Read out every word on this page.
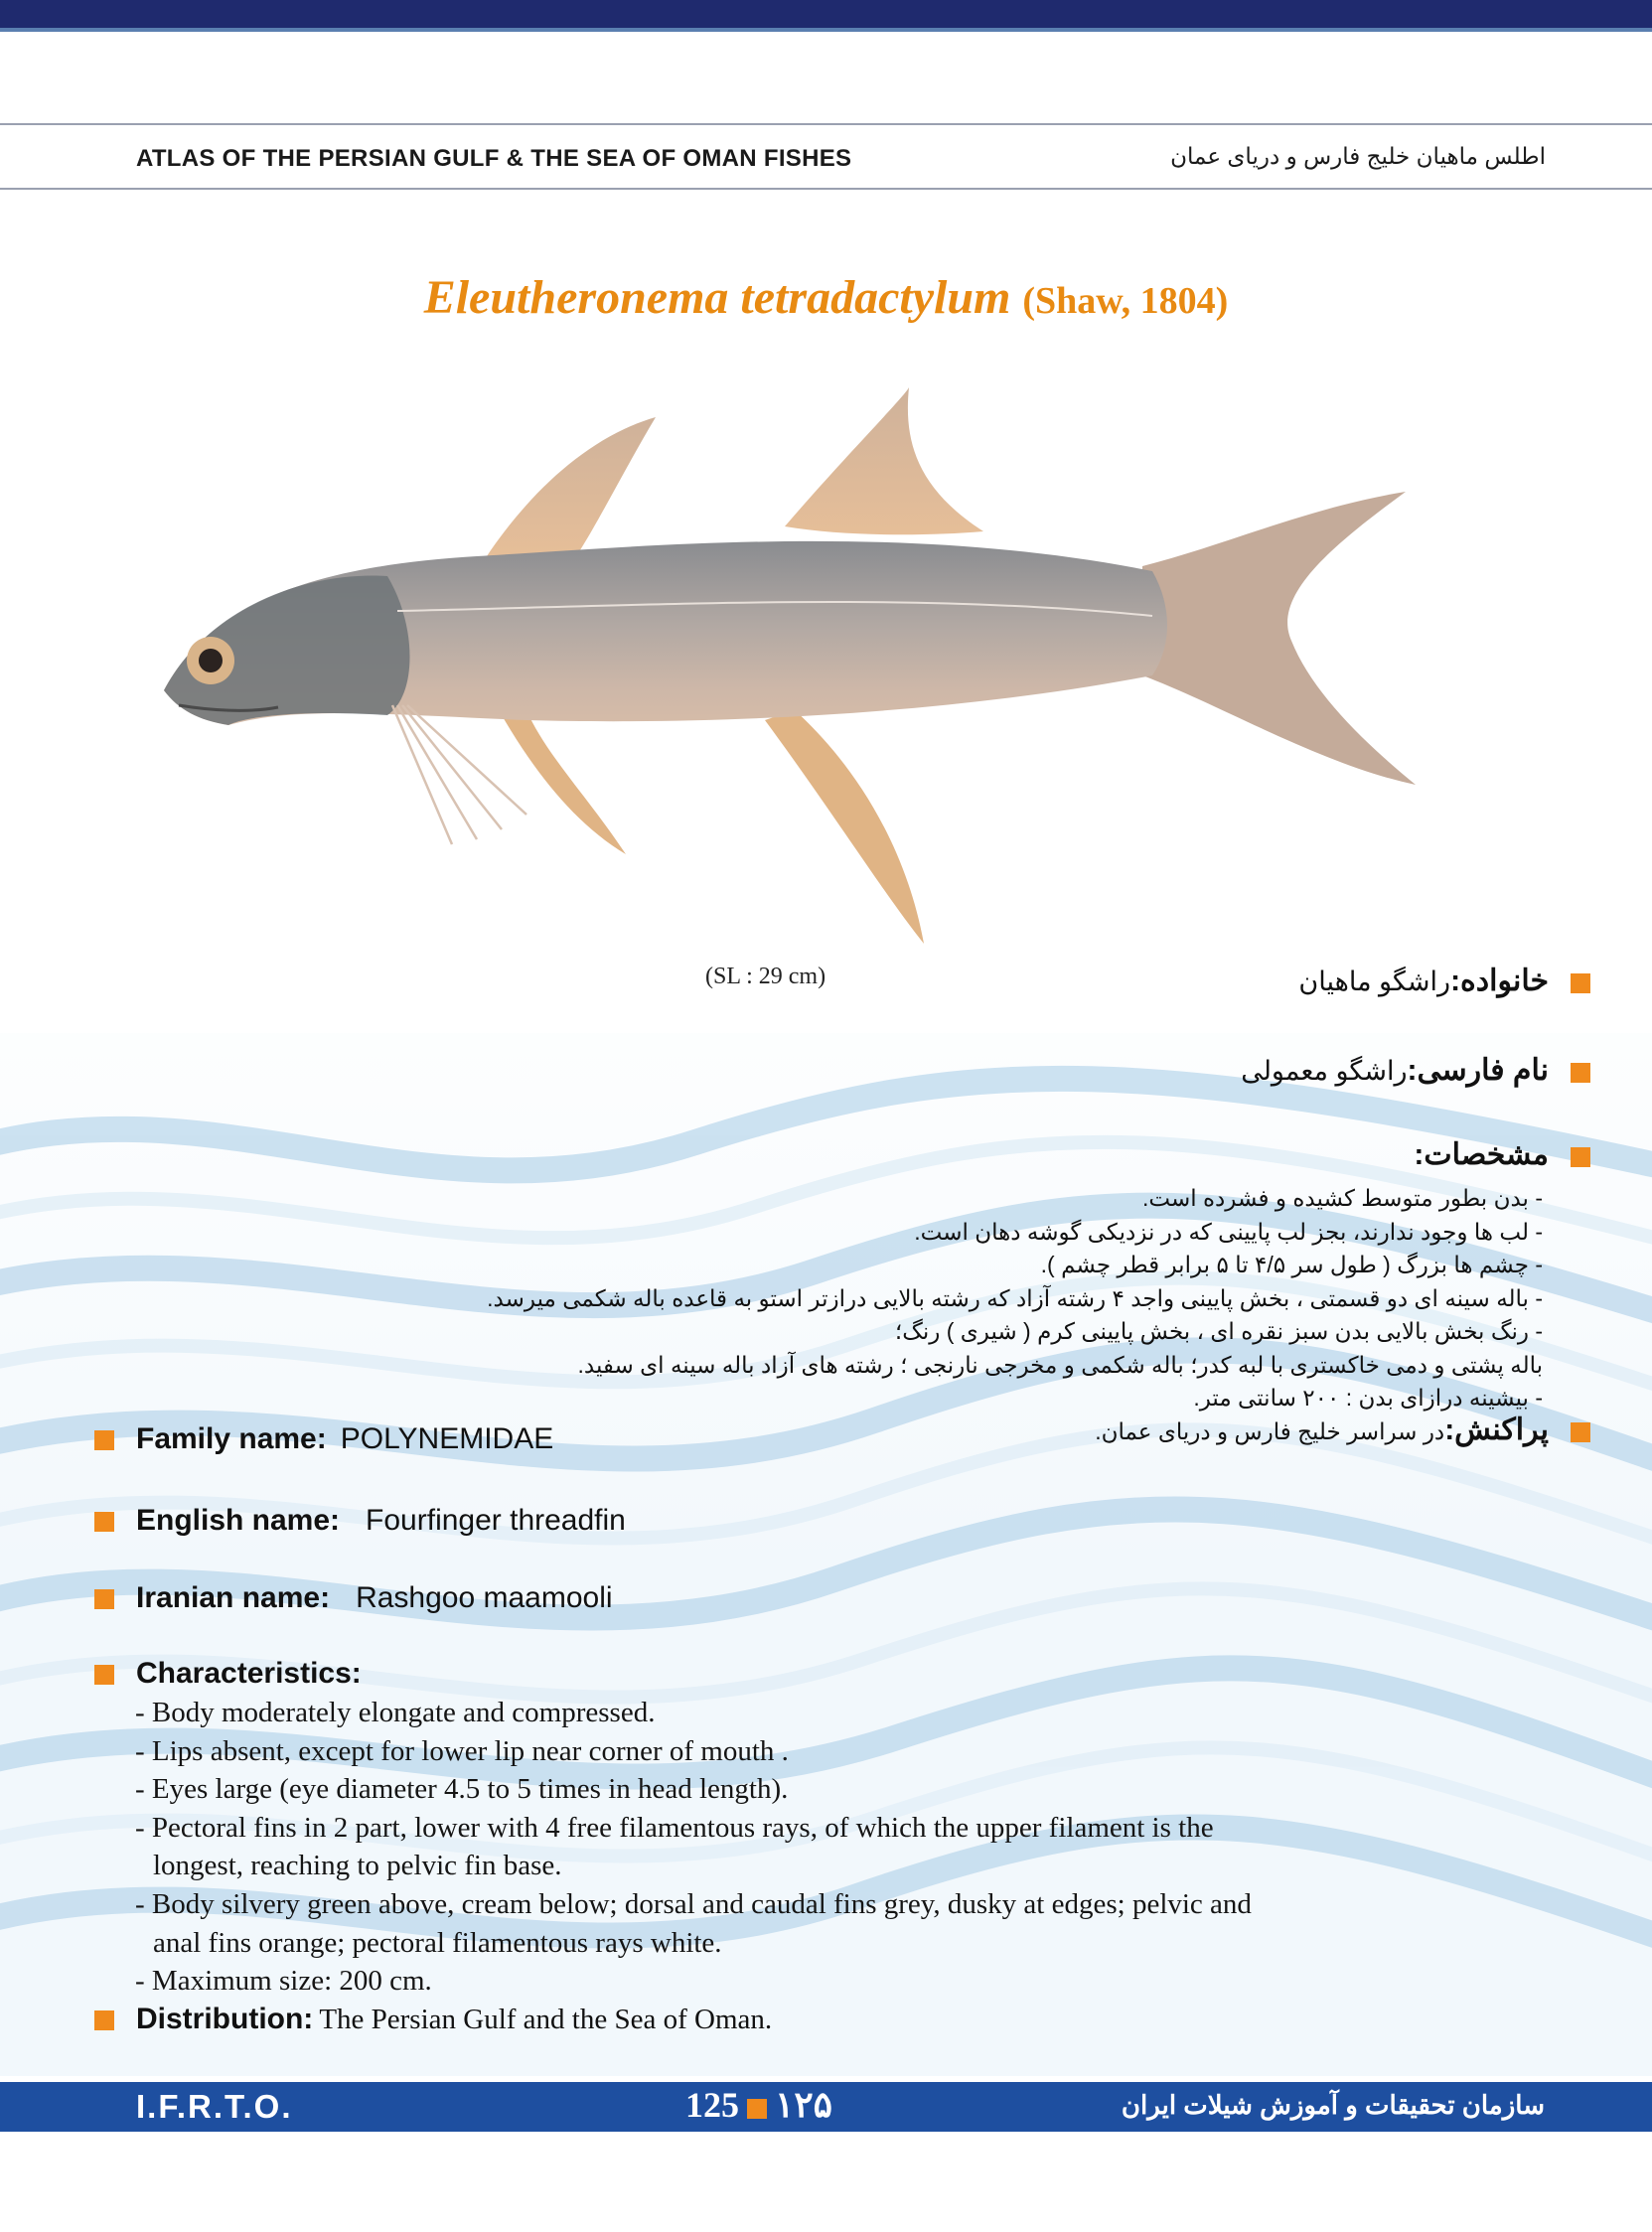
ATLAS OF THE PERSIAN GULF & THE SEA OF OMAN FISHES	اطلس ماهیان خلیج فارس و دریای عمان
Eleutheronema tetradactylum (Shaw, 1804)
(SL : 29 cm)	خانواده:راشگو ماهیان
نام فارسی:راشگو معمولی
مشخصات:
- بدن بطور متوسط کشیده و فشرده است.
- لب ها وجود ندارند، بجز لب پایینی که در نزدیکی گوشه دهان است.
- چشم ها بزرگ ( طول سر ۴/۵ تا ۵ برابر قطر چشم ).
- باله سینه ای دو قسمتی ، بخش پایینی واجد ۴ رشته آزاد که رشته بالایی درازتر استو به قاعده باله شکمی میرسد.
- رنگ بخش بالایی بدن سبز نقره ای ، بخش پایینی کرم ( شیری ) رنگ؛
باله پشتی و دمی خاکستری با لبه کدر؛ باله شکمی و مخرجی نارنجی ؛ رشته های آزاد باله سینه ای سفید.
- بیشینه درازای بدن : ۲۰۰ سانتی متر.
پراکنش:در سراسر خلیج فارس و دریای عمان.
Family name: POLYNEMIDAE
English name: Fourfinger threadfin
Iranian name: Rashgoo maamooli
Characteristics:
- Body moderately elongate and compressed.
- Lips absent, except for lower lip near corner of mouth .
- Eyes large (eye diameter 4.5 to 5 times in head length).
- Pectoral fins in 2 part, lower with 4 free filamentous rays, of which the upper filament is the
longest, reaching to pelvic fin base.
- Body silvery green above, cream below; dorsal and caudal fins grey, dusky at edges; pelvic and
anal fins orange; pectoral filamentous rays white.
- Maximum size: 200 cm.
Distribution: The Persian Gulf and the Sea of Oman.
I.F.R.T.O.	125 ۱۲۵	سازمان تحقیقات و آموزش شیلات ایران
